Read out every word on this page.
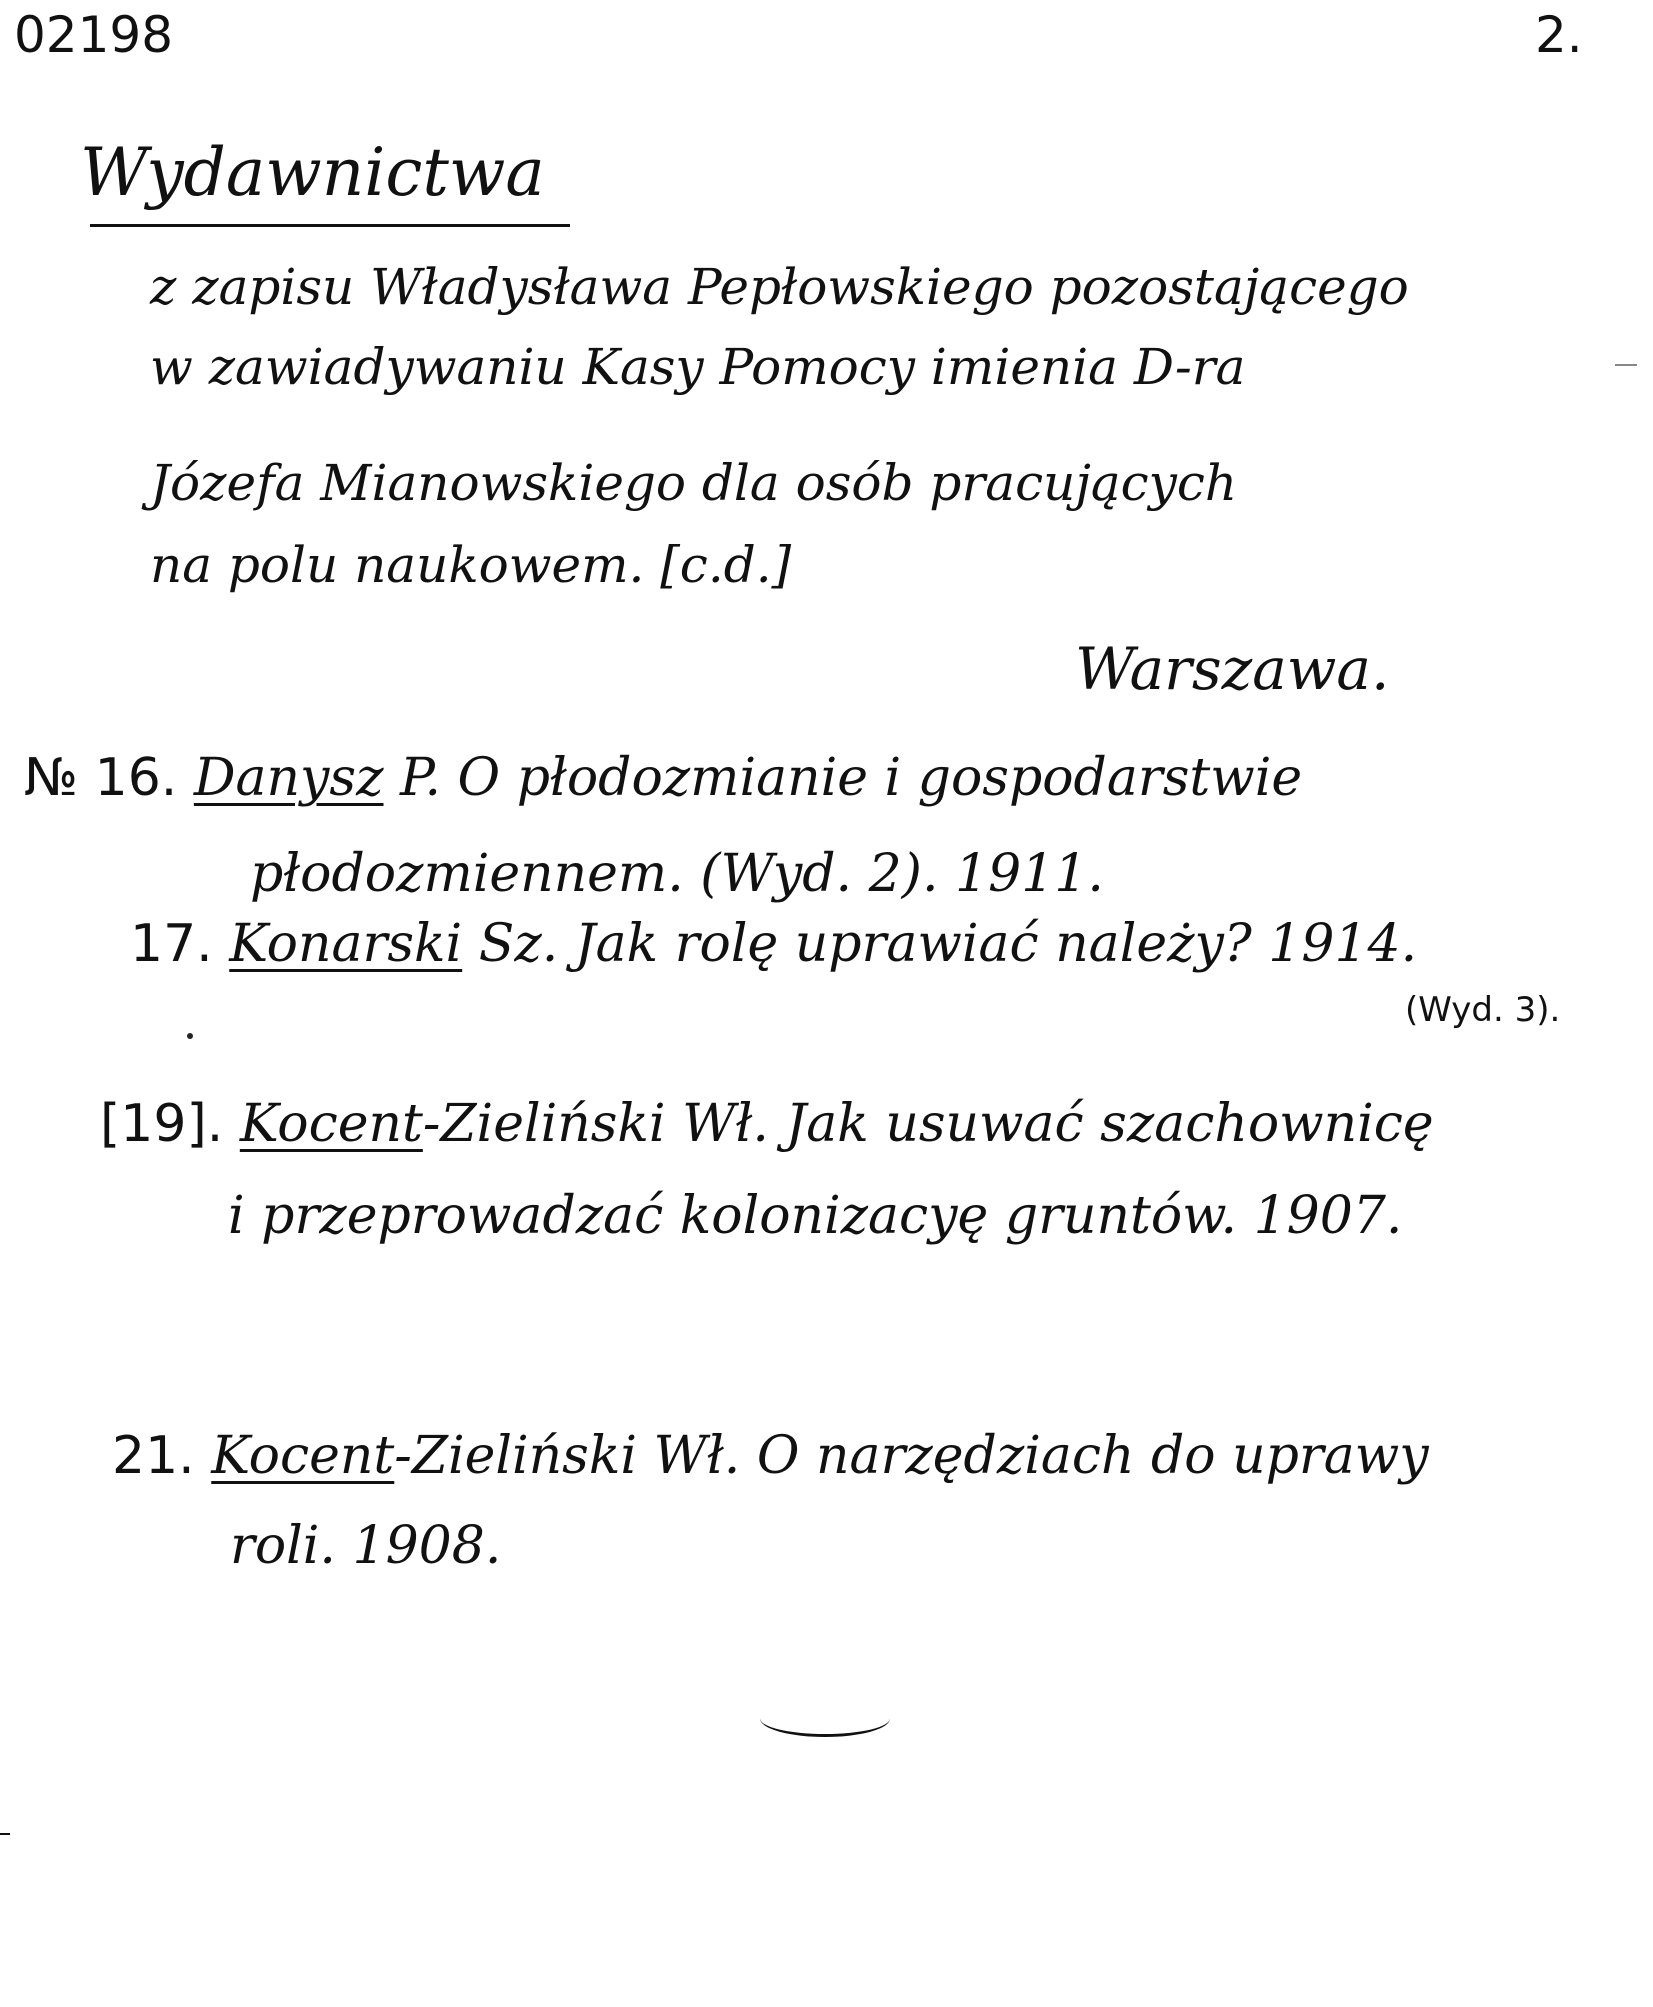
02198	2.
Wydawnictwa
z zapisu Władysława Pepłowskiego pozostającego
w zawiadywaniu Kasy Pomocy imienia D-ra
Józefa Mianowskiego dla osób pracujących
na polu naukowem. [c.d.]
Warszawa.
№ 16. Danysz P. O płodozmianie i gospodarstwie
płodozmiennem. (Wyd. 2). 1911.
17. Konarski Sz. Jak rolę uprawiać należy? 1914.
(Wyd. 3).
[19]. Kocent-Zieliński Wł. Jak usuwać szachownicę
i przeprowadzać kolonizacyę gruntów. 1907.
21. Kocent-Zieliński Wł. O narzędziach do uprawy
roli. 1908.
